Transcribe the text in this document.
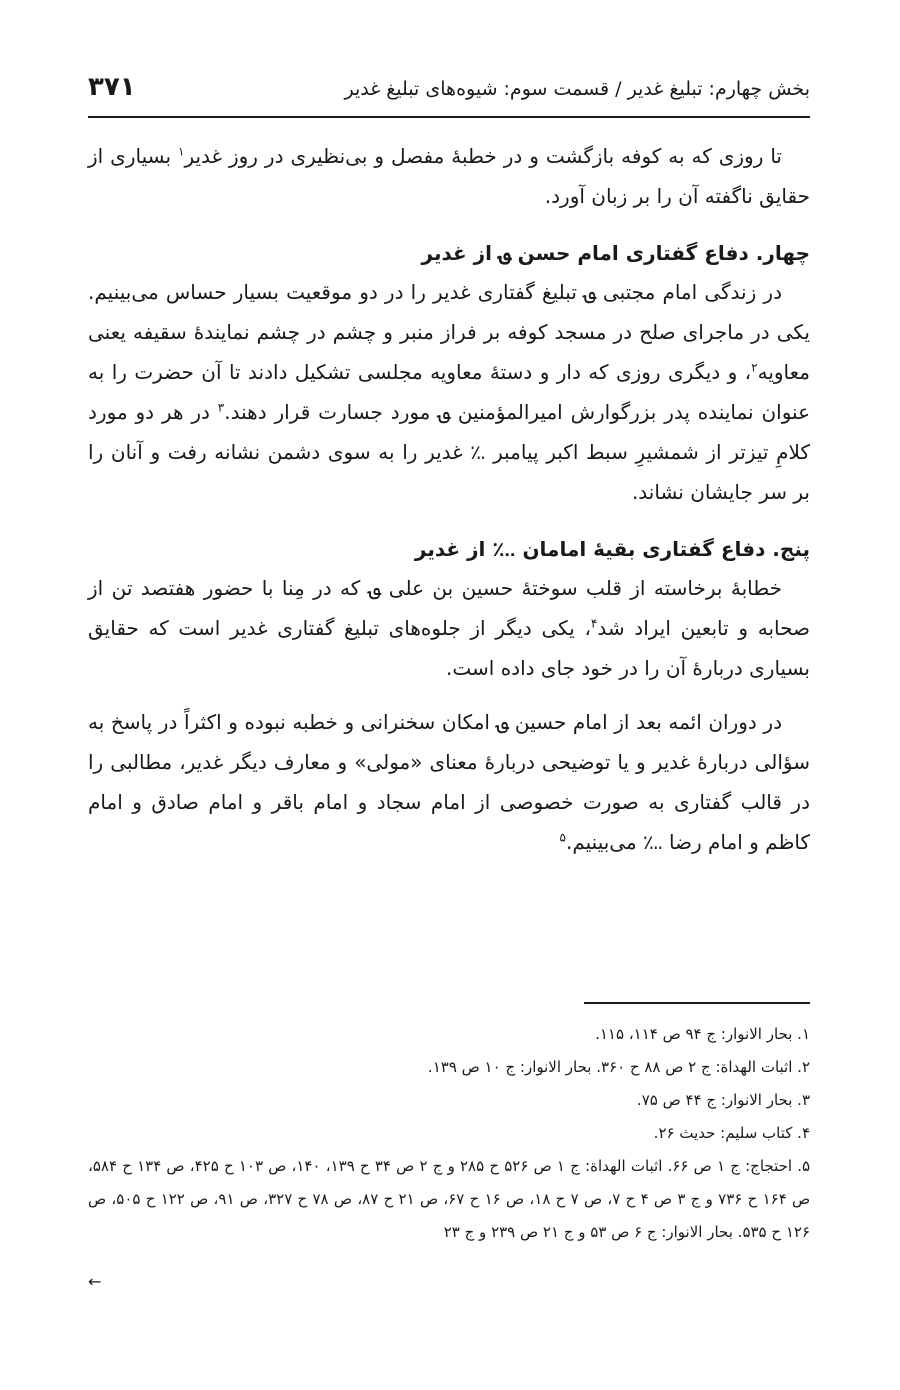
بخش چهارم: تبلیغ غدیر / قسمت سوم: شیوه‌های تبلیغ غدیر
۳۷۱

تا روزی که به کوفه بازگشت و در خطبهٔ مفصل و بی‌نظیری در روز غدیر$^۱$ بسیاری از حقایق ناگفته آن را بر زبان آورد.

چهار. دفاع گفتاری امام حسن ؈ از غدیر

در زندگی امام مجتبی ؈ تبلیغ گفتاری غدیر را در دو موقعیت بسیار حساس می‌بینیم. یکی در ماجرای صلح در مسجد کوفه بر فراز منبر و چشم در چشم نمایندهٔ سقیفه یعنی معاویه$^۲$، و دیگری روزی که دار و دستهٔ معاویه مجلسی تشکیل دادند تا آن حضرت را به عنوان نماینده پدر بزرگوارش امیرالمؤمنین ؈ مورد جسارت قرار دهند.$^۳$ در هر دو مورد کلامِ تیزتر از شمشیرِ سبط اکبر پیامبر ؉ غدیر را به سوی دشمن نشانه رفت و آنان را بر سر جایشان نشاند.

پنج. دفاع گفتاری بقیهٔ امامان ؊ از غدیر

خطابهٔ برخاسته از قلب سوختهٔ حسین بن علی ؈ که در مِنا با حضور هفتصد تن از صحابه و تابعین ایراد شد$^۴$، یکی دیگر از جلوه‌های تبلیغ گفتاری غدیر است که حقایق بسیاری دربارهٔ آن را در خود جای داده است.

در دوران ائمه بعد از امام حسین ؈ امکان سخنرانی و خطبه نبوده و اکثراً در پاسخ به سؤالی دربارهٔ غدیر و یا توضیحی دربارهٔ معنای «مولی» و معارف دیگر غدیر، مطالبی را در قالب گفتاری به صورت خصوصی از امام سجاد و امام باقر و امام صادق و امام کاظم و امام رضا ؊ می‌بینیم.$^۵$

۱. بحار الانوار: ج ۹۴ ص ۱۱۴، ۱۱۵.

۲. اثبات الهداة: ج ۲ ص ۸۸ ح ۳۶۰. بحار الانوار: ج ۱۰ ص ۱۳۹.

۳. بحار الانوار: ج ۴۴ ص ۷۵.

۴. کتاب سلیم: حدیث ۲۶.

۵. احتجاج: ج ۱ ص ۶۶. اثبات الهداة: ج ۱ ص ۵۲۶ ح ۲۸۵ و ج ۲ ص ۳۴ ح ۱۳۹، ۱۴۰، ص ۱۰۳ ح ۴۲۵، ص ۱۳۴ ح ۵۸۴، ص ۱۶۴ ح ۷۳۶ و ج ۳ ص ۴ ح ۷، ص ۷ ح ۱۸، ص ۱۶ ح ۶۷، ص ۲۱ ح ۸۷، ص ۷۸ ح ۳۲۷، ص ۹۱، ص ۱۲۲ ح ۵۰۵، ص ۱۲۶ ح ۵۳۵. بحار الانوار: ج ۶ ص ۵۳ و ج ۲۱ ص ۲۳۹ و ج ۲۳

←
